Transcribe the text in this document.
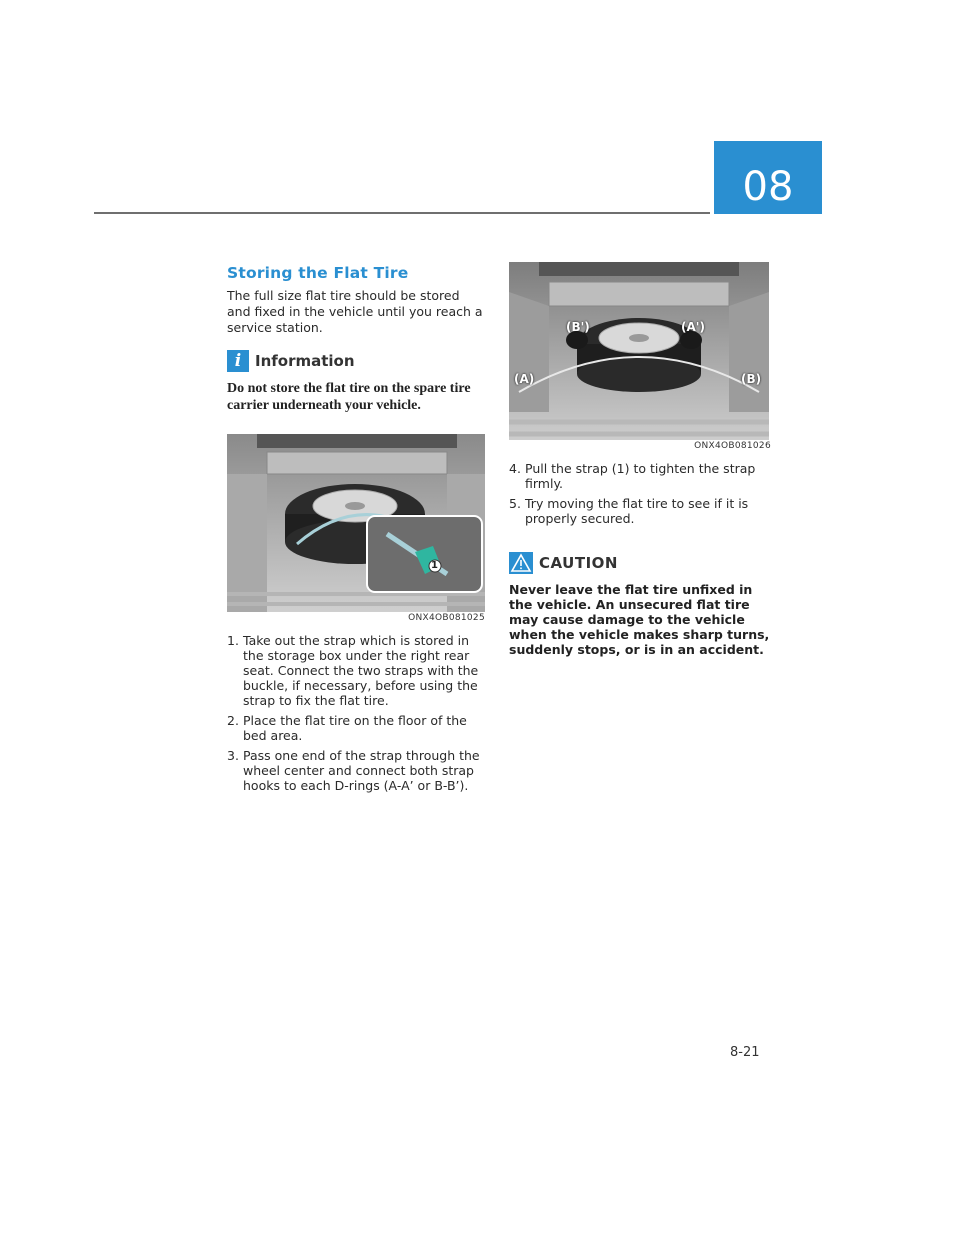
08
Storing the Flat Tire

The full size flat tire should be stored and fixed in the vehicle until you reach a service station.

i Information

Do not store the flat tire on the spare tire carrier underneath your vehicle.

1
ONX4OB081025
1. Take out the strap which is stored in the storage box under the right rear seat. Connect the two straps with the buckle, if necessary, before using the strap to fix the flat tire.
2. Place the flat tire on the floor of the bed area.
3. Pass one end of the strap through the wheel center and connect both strap hooks to each D-rings (A-A’ or B-B’).
(B')	(A')
(A)	(B)
ONX4OB081026
4. Pull the strap (1) to tighten the strap firmly.
5. Try moving the flat tire to see if it is properly secured.
CAUTION

Never leave the flat tire unfixed in the vehicle. An unsecured flat tire may cause damage to the vehicle when the vehicle makes sharp turns, suddenly stops, or is in an accident.

8-21
